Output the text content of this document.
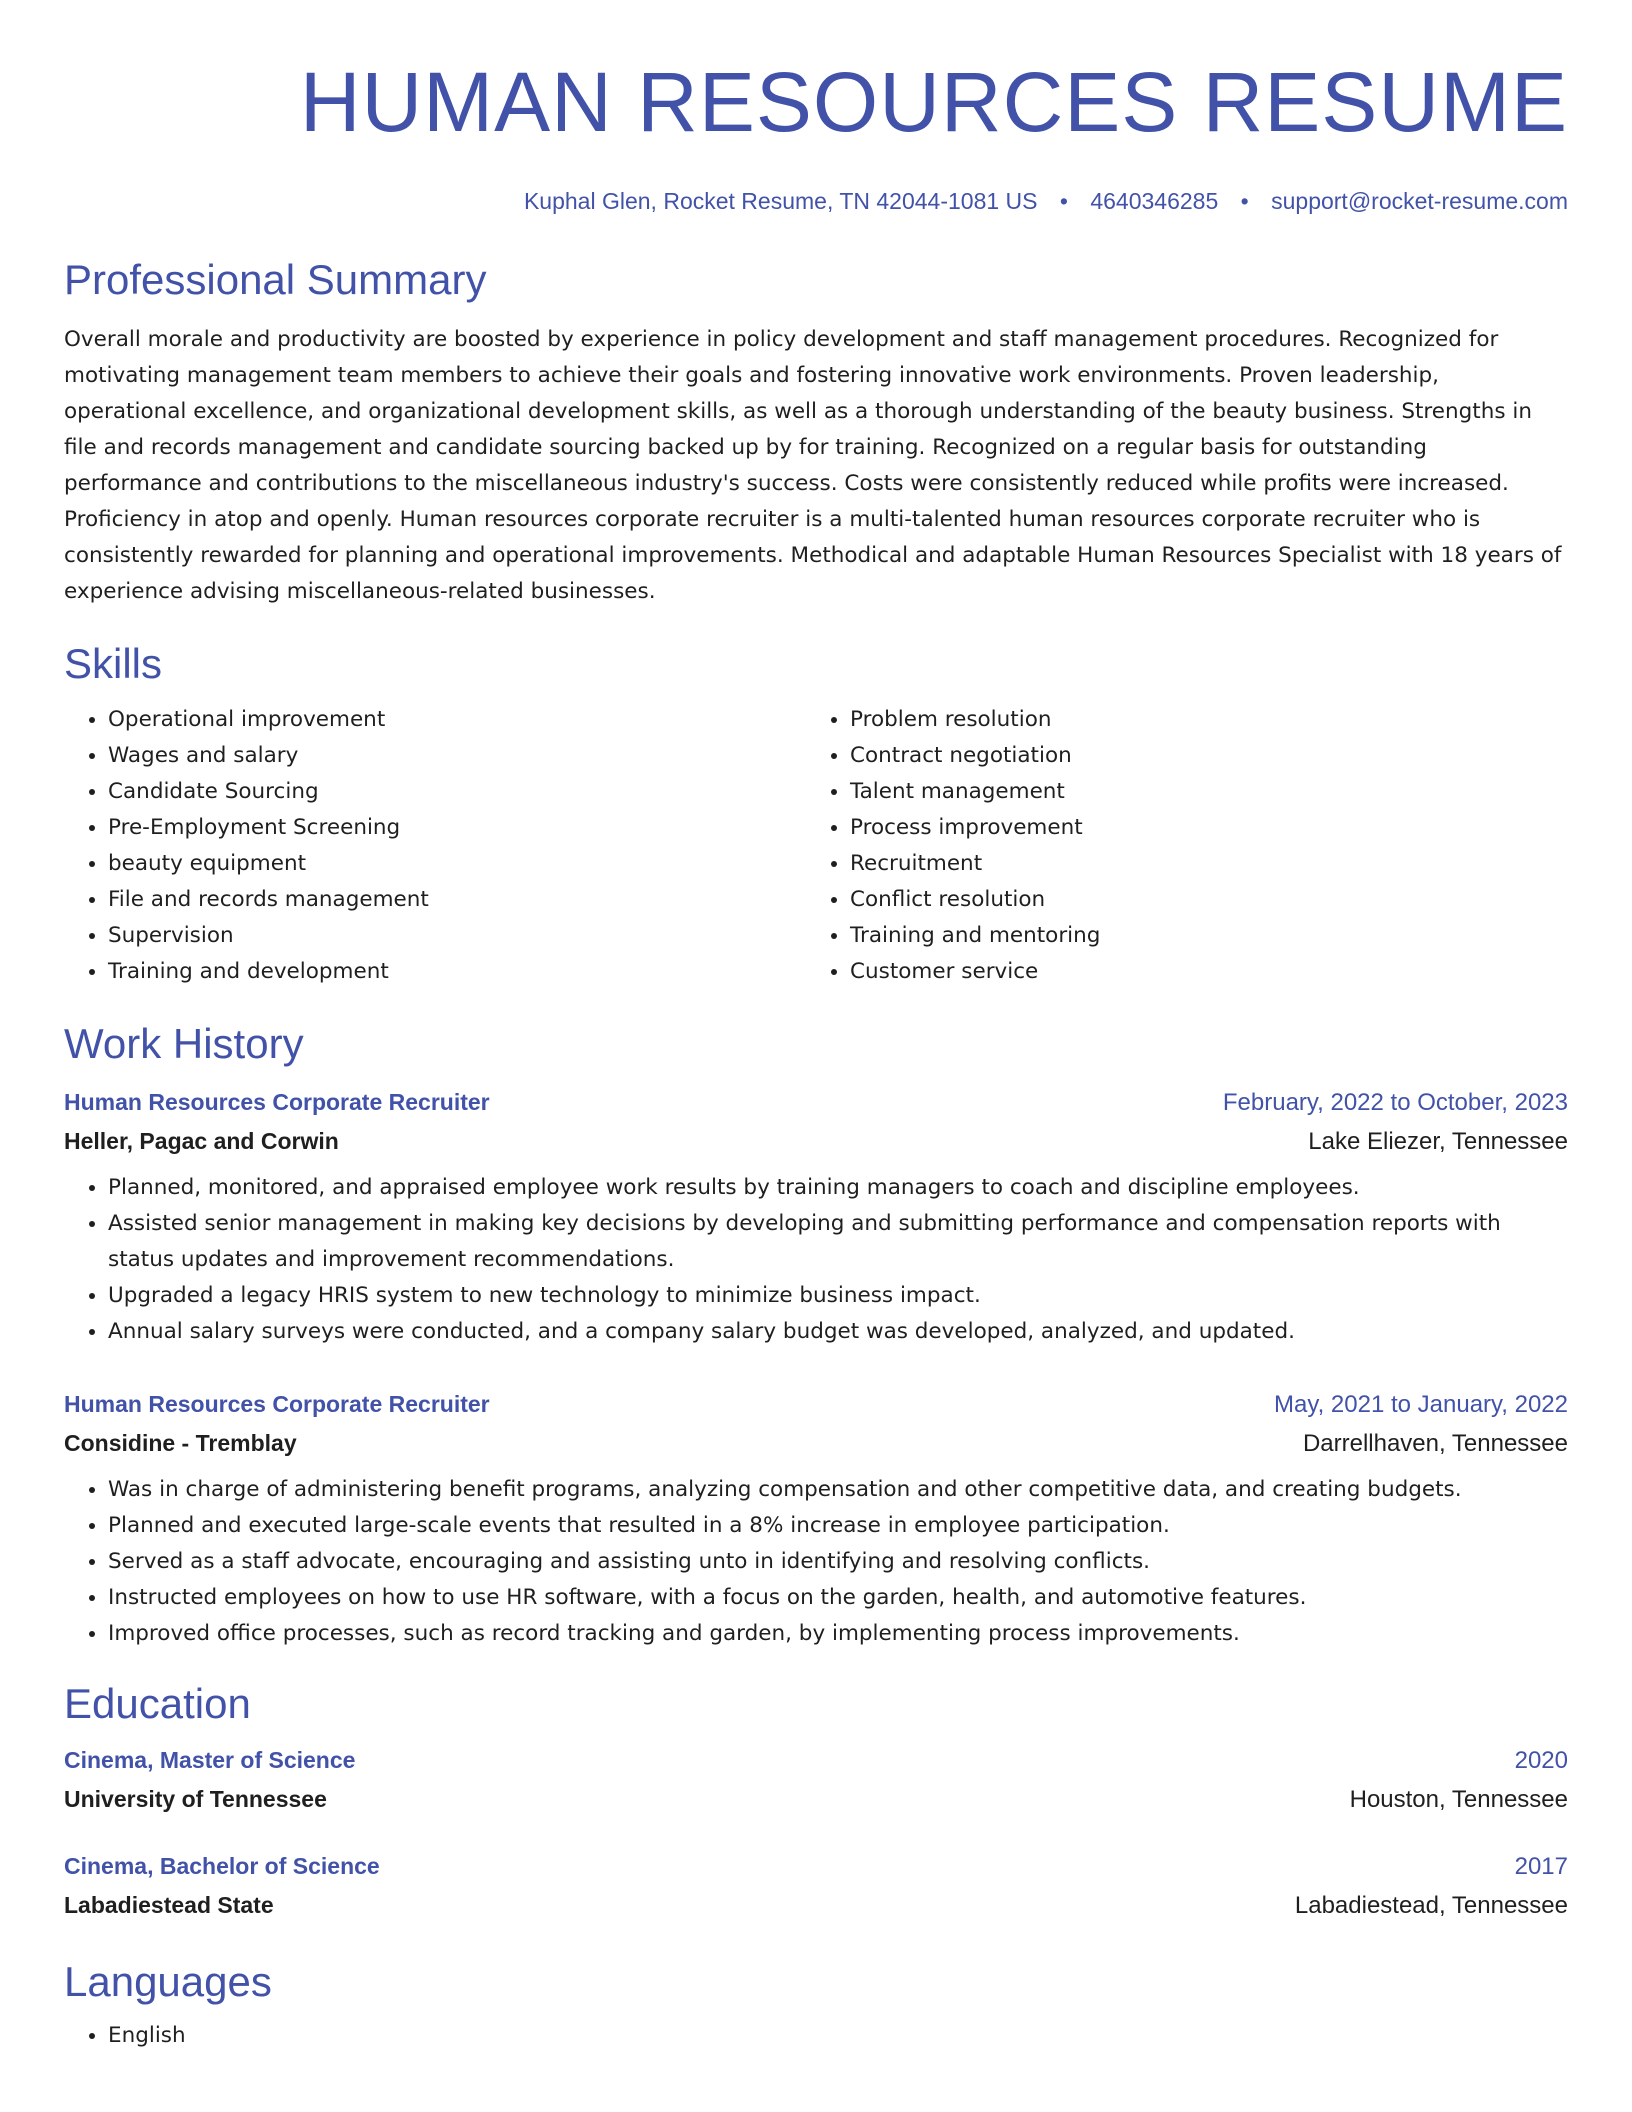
HUMAN RESOURCES RESUME
Kuphal Glen, Rocket Resume, TN 42044-1081 US • 4640346285 • support@rocket-resume.com
Professional Summary

Overall morale and productivity are boosted by experience in policy development and staff management procedures. Recognized for motivating management team members to achieve their goals and fostering innovative work environments. Proven leadership, operational excellence, and organizational development skills, as well as a thorough understanding of the beauty business. Strengths in file and records management and candidate sourcing backed up by for training. Recognized on a regular basis for outstanding performance and contributions to the miscellaneous industry's success. Costs were consistently reduced while profits were increased. Proficiency in atop and openly. Human resources corporate recruiter is a multi-talented human resources corporate recruiter who is consistently rewarded for planning and operational improvements. Methodical and adaptable Human Resources Specialist with 18 years of experience advising miscellaneous-related businesses.

Skills
• Operational improvement
• Wages and salary
• Candidate Sourcing
• Pre-Employment Screening
• beauty equipment
• File and records management
• Supervision
• Training and development
• Problem resolution
• Contract negotiation
• Talent management
• Process improvement
• Recruitment
• Conflict resolution
• Training and mentoring
• Customer service
Work History
Human Resources Corporate Recruiter	February, 2022 to October, 2023
Heller, Pagac and Corwin	Lake Eliezer, Tennessee
• Planned, monitored, and appraised employee work results by training managers to coach and discipline employees.
• Assisted senior management in making key decisions by developing and submitting performance and compensation reports with status updates and improvement recommendations.
• Upgraded a legacy HRIS system to new technology to minimize business impact.
• Annual salary surveys were conducted, and a company salary budget was developed, analyzed, and updated.
Human Resources Corporate Recruiter	May, 2021 to January, 2022
Considine - Tremblay	Darrellhaven, Tennessee
• Was in charge of administering benefit programs, analyzing compensation and other competitive data, and creating budgets.
• Planned and executed large-scale events that resulted in a 8% increase in employee participation.
• Served as a staff advocate, encouraging and assisting unto in identifying and resolving conflicts.
• Instructed employees on how to use HR software, with a focus on the garden, health, and automotive features.
• Improved office processes, such as record tracking and garden, by implementing process improvements.
Education
Cinema, Master of Science	2020
University of Tennessee	Houston, Tennessee
Cinema, Bachelor of Science	2017
Labadiestead State	Labadiestead, Tennessee
Languages
• English
